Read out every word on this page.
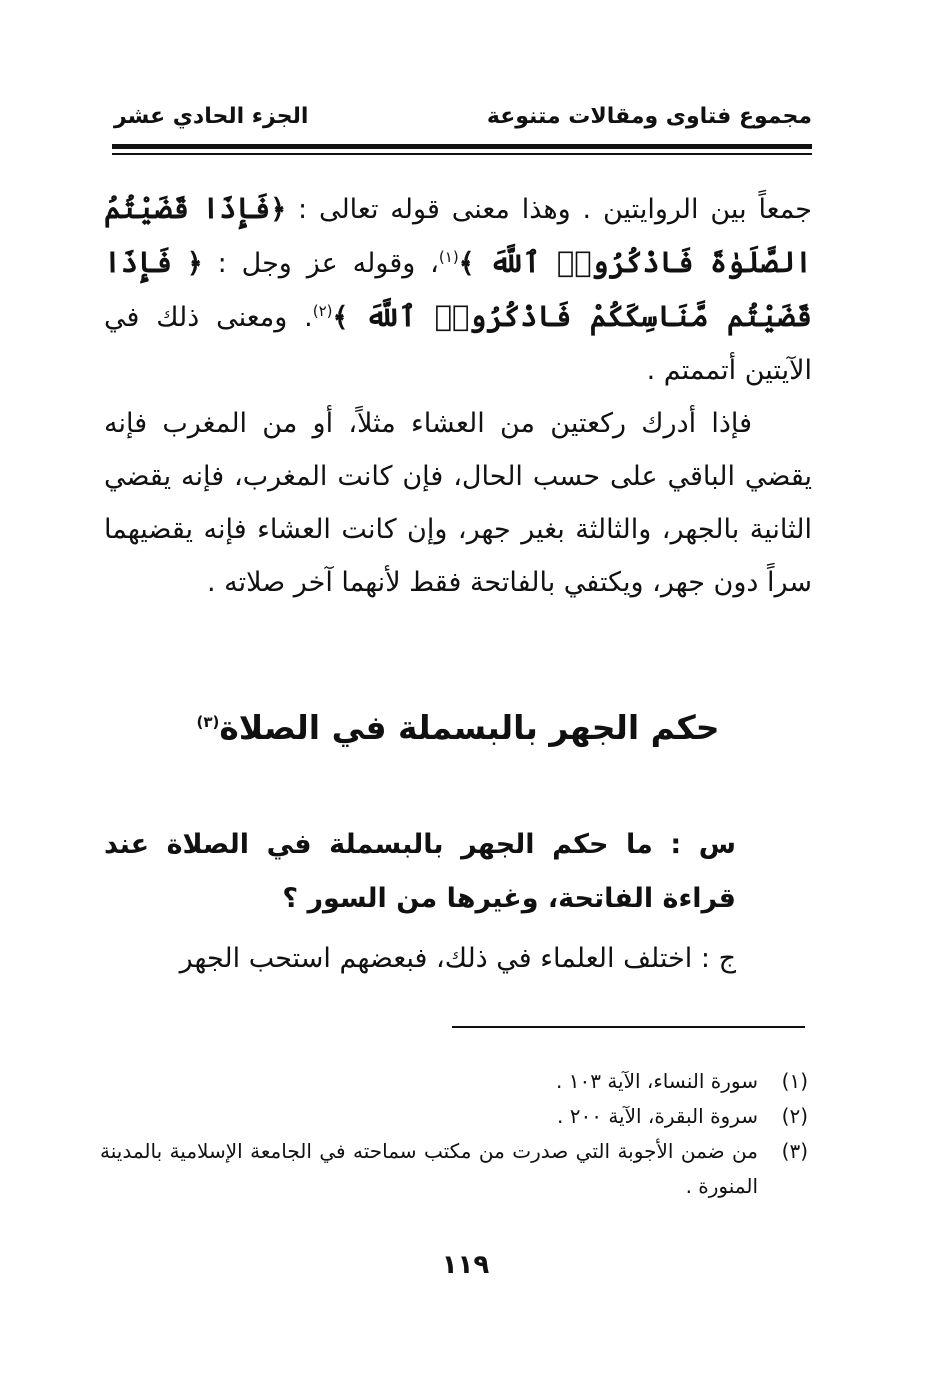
مجموع فتاوى ومقالات متنوعة
الجزء الحادي عشر

جمعاً بين الروايتين . وهذا معنى قوله تعالى : ﴿فَإِذَا قَضَيْتُمُ الصَّلَوٰةَ فَاذْكُرُوا۟ ٱللَّهَ ﴾$^{(١)}$، وقوله عز وجل : ﴿ فَإِذَا قَضَيْتُم مَّنَاسِكَكُمْ فَاذْكُرُوا۟ ٱللَّهَ ﴾$^{(٢)}$. ومعنى ذلك في الآيتين أتممتم .

فإذا أدرك ركعتين من العشاء مثلاً، أو من المغرب فإنه يقضي الباقي على حسب الحال، فإن كانت المغرب، فإنه يقضي الثانية بالجهر، والثالثة بغير جهر، وإن كانت العشاء فإنه يقضيهما سراً دون جهر، ويكتفي بالفاتحة فقط لأنهما آخر صلاته .

حكم الجهر بالبسملة في الصلاة$^{(٣)}$
س : ما حكم الجهر بالبسملة في الصلاة عند قراءة الفاتحة، وغيرها من السور ؟
ج : اختلف العلماء في ذلك، فبعضهم استحب الجهر
(١)
سورة النساء، الآية ١٠٣ .
(٢)
سروة البقرة، الآية ٢٠٠ .
(٣)
من ضمن الأجوبة التي صدرت من مكتب سماحته في الجامعة الإسلامية بالمدينة المنورة .
١١٩
